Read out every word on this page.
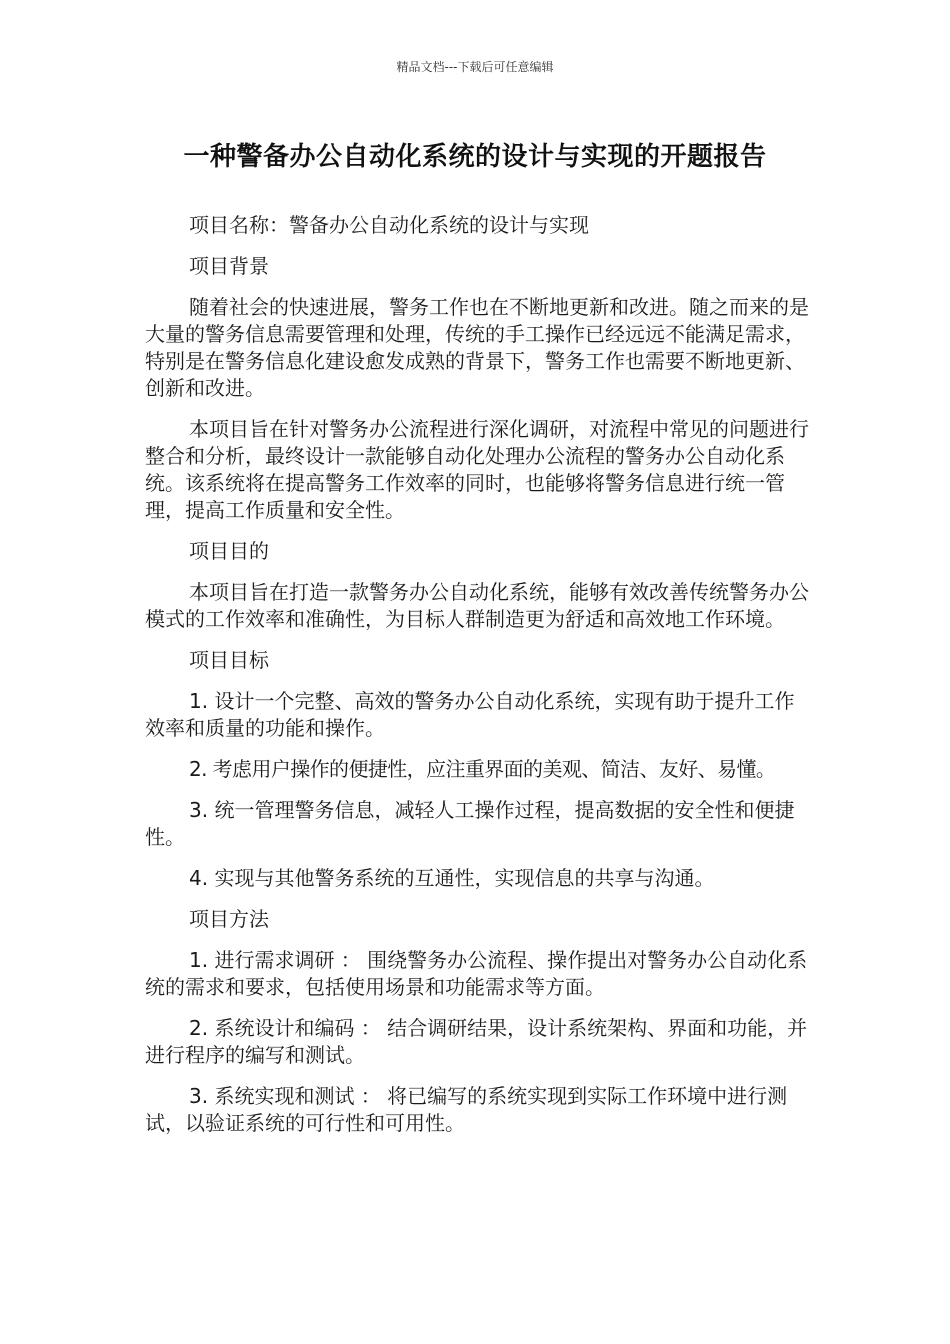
精品文档---下载后可任意编辑
一种警备办公自动化系统的设计与实现的开题报告

项目名称：警备办公自动化系统的设计与实现

项目背景

随着社会的快速进展，警务工作也在不断地更新和改进。随之而来的是大量的警务信息需要管理和处理，传统的手工操作已经远远不能满足需求，特别是在警务信息化建设愈发成熟的背景下，警务工作也需要不断地更新、创新和改进。

本项目旨在针对警务办公流程进行深化调研，对流程中常见的问题进行整合和分析，最终设计一款能够自动化处理办公流程的警务办公自动化系统。该系统将在提高警务工作效率的同时，也能够将警务信息进行统一管理，提高工作质量和安全性。

项目目的

本项目旨在打造一款警务办公自动化系统，能够有效改善传统警务办公模式的工作效率和准确性，为目标人群制造更为舒适和高效地工作环境。

项目目标

1. 设计一个完整、高效的警务办公自动化系统，实现有助于提升工作效率和质量的功能和操作。

2. 考虑用户操作的便捷性，应注重界面的美观、简洁、友好、易懂。

3. 统一管理警务信息，减轻人工操作过程，提高数据的安全性和便捷性。

4. 实现与其他警务系统的互通性，实现信息的共享与沟通。

项目方法

1. 进行需求调研 ： 围绕警务办公流程、操作提出对警务办公自动化系统的需求和要求，包括使用场景和功能需求等方面。

2. 系统设计和编码 ： 结合调研结果，设计系统架构、界面和功能，并进行程序的编写和测试。

3. 系统实现和测试 ： 将已编写的系统实现到实际工作环境中进行测试，以验证系统的可行性和可用性。
